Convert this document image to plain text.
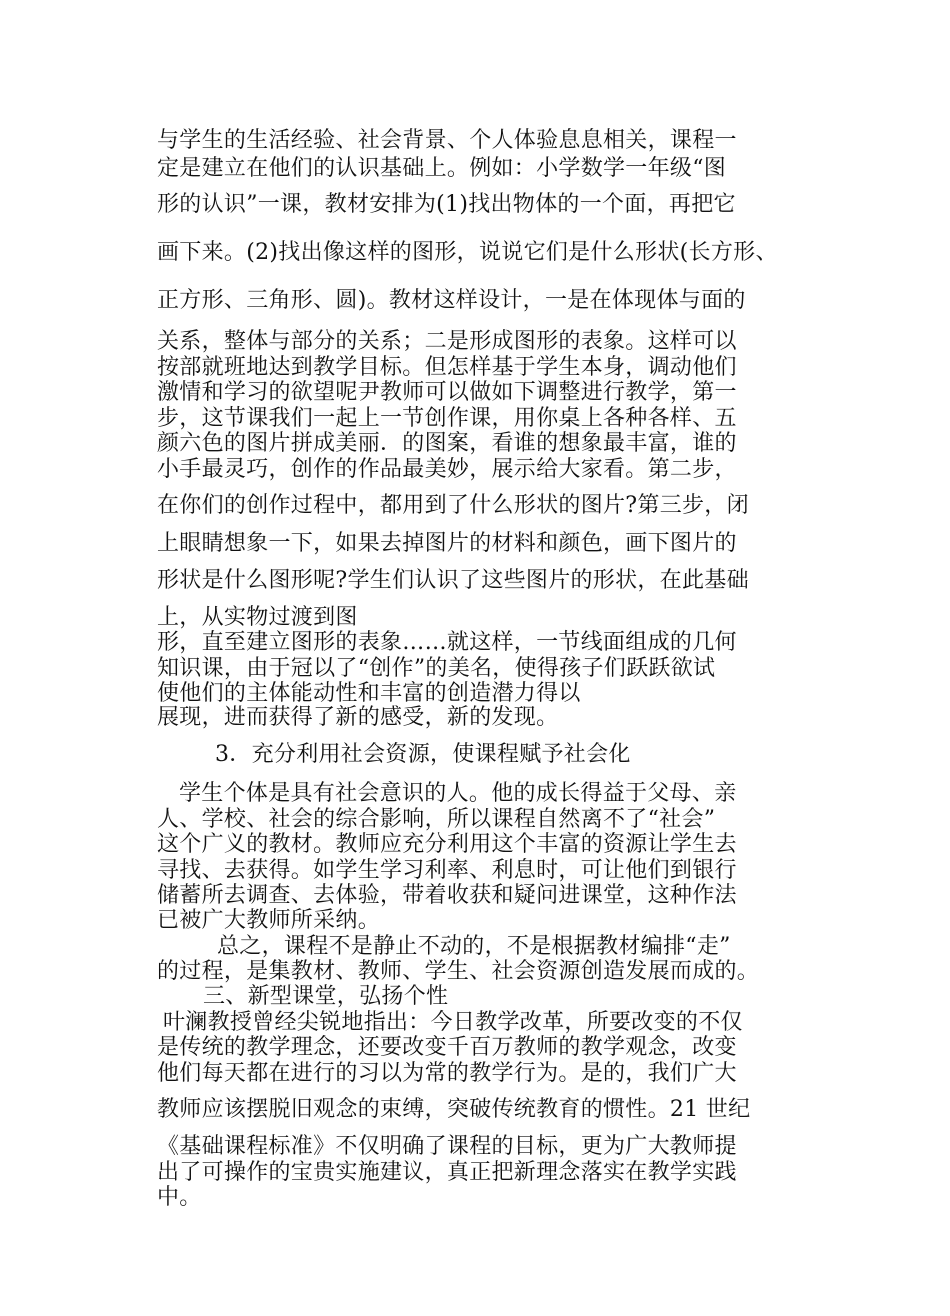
与学生的生活经验、社会背景、个人体验息息相关，课程一
定是建立在他们的认识基础上。例如：小学数学一年级“图
形的认识”一课，教材安排为(1)找出物体的一个面，再把它
画下来。(2)找出像这样的图形，说说它们是什么形状(长方形、
正方形、三角形、圆)。教材这样设计，一是在体现体与面的
关系，整体与部分的关系；二是形成图形的表象。这样可以
按部就班地达到教学目标。但怎样基于学生本身，调动他们
激情和学习的欲望呢尹教师可以做如下调整进行教学，第一
步，这节课我们一起上一节创作课，用你桌上各种各样、五
颜六色的图片拼成美丽．的图案，看谁的想象最丰富，谁的
小手最灵巧，创作的作品最美妙，展示给大家看。第二步，
在你们的创作过程中，都用到了什么形状的图片?第三步，闭
上眼睛想象一下，如果去掉图片的材料和颜色，画下图片的
形状是什么图形呢?学生们认识了这些图片的形状，在此基础
上，从实物过渡到图
形，直至建立图形的表象……就这样，一节线面组成的几何
知识课，由于冠以了“创作”的美名，使得孩子们跃跃欲试
使他们的主体能动性和丰富的创造潜力得以
展现，进而获得了新的感受，新的发现。
3．充分利用社会资源，使课程赋予社会化
学生个体是具有社会意识的人。他的成长得益于父母、亲
人、学校、社会的综合影响，所以课程自然离不了“社会”
这个广义的教材。教师应充分利用这个丰富的资源让学生去
寻找、去获得。如学生学习利率、利息时，可让他们到银行
储蓄所去调查、去体验，带着收获和疑问进课堂，这种作法
已被广大教师所采纳。
总之，课程不是静止不动的，不是根据教材编排“走”
的过程，是集教材、教师、学生、社会资源创造发展而成的。
三、新型课堂，弘扬个性
叶澜教授曾经尖锐地指出：今日教学改革，所要改变的不仅
是传统的教学理念，还要改变千百万教师的教学观念，改变
他们每天都在进行的习以为常的教学行为。是的，我们广大
教师应该摆脱旧观念的束缚，突破传统教育的惯性。21 世纪
《基础课程标准》不仅明确了课程的目标，更为广大教师提
出了可操作的宝贵实施建议，真正把新理念落实在教学实践
中。
